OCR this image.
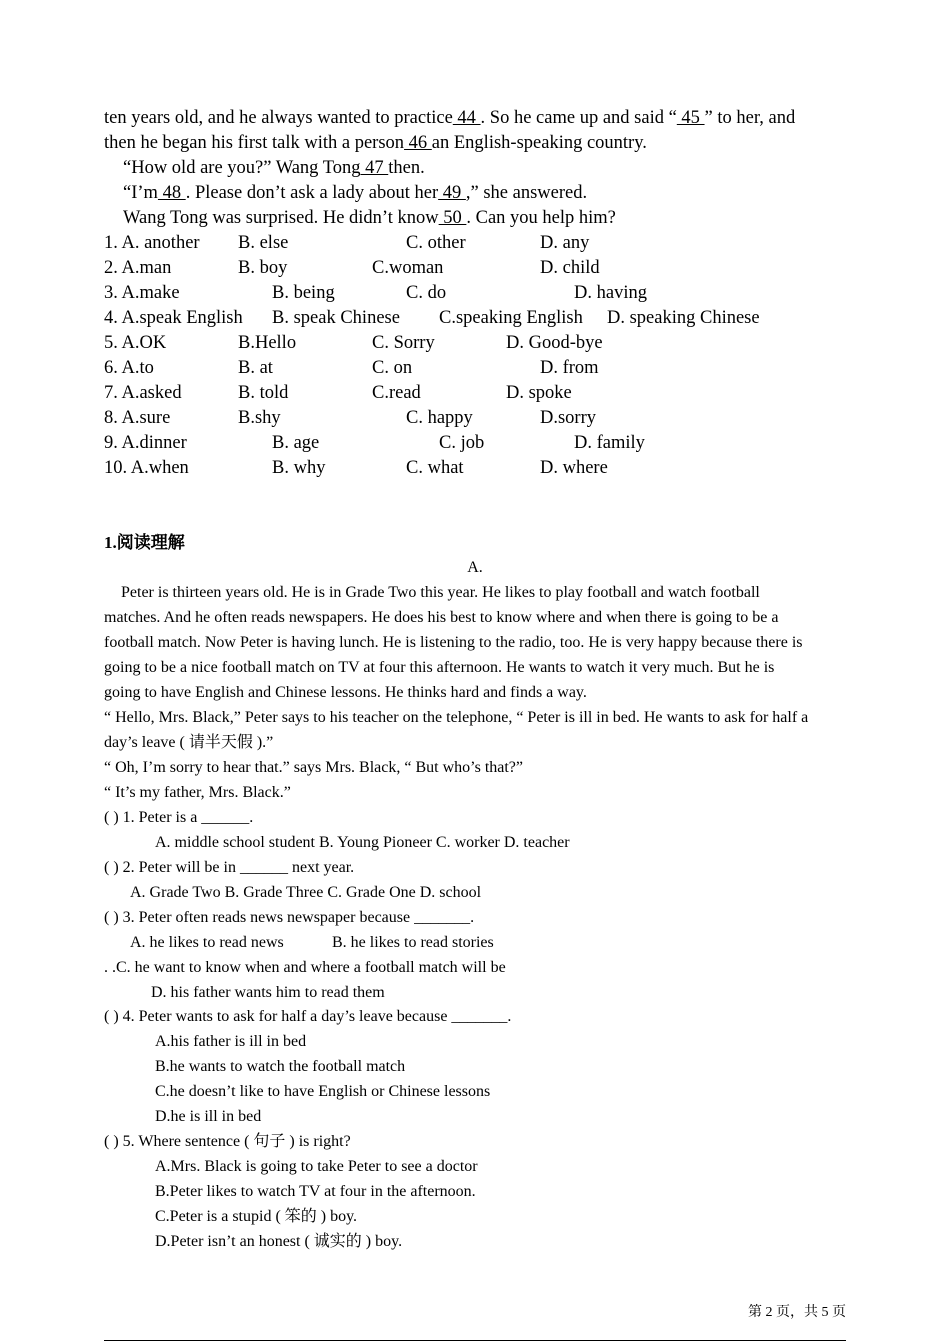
ten years old, and he always wanted to practice 44 . So he came up and said “ 45 ” to her, and
then he began his first talk with a person 46 an English-speaking country.
“How old are you?” Wang Tong 47 then.
“I’m 48 . Please don’t ask a lady about her 49 ,” she answered.
Wang Tong was surprised. He didn’t know 50 . Can you help him?
1. A. another B. else	C. other	D. any
2. A.man	B. boy	C.woman	D. child
3. A.make	B. being	C. do	D. having
4. A.speak English B. speak Chinese C.speaking English D. speaking Chinese
5. A.OK	B.Hello	C. Sorry	D. Good-bye
6. A.to	B. at	C. on	D. from
7. A.asked	B. told	C.read	D. spoke
8. A.sure	B.shy	C. happy	D.sorry
9. A.dinner	B. age	C. job	D. family
10. A.when	B. why	C. what	D. where
1.阅读理解
A.
Peter is thirteen years old. He is in Grade Two this year. He likes to play football and watch football
matches. And he often reads newspapers. He does his best to know where and when there is going to be a
football match. Now Peter is having lunch. He is listening to the radio, too. He is very happy because there is
going to be a nice football match on TV at four this afternoon. He wants to watch it very much. But he is
going to have English and Chinese lessons. He thinks hard and finds a way.
“ Hello, Mrs. Black,” Peter says to his teacher on the telephone, “ Peter is ill in bed. He wants to ask for half a
day’s leave ( 请半天假 ).”
“ Oh, I’m sorry to hear that.” says Mrs. Black, “ But who’s that?”
“ It’s my father, Mrs. Black.”
( ) 1. Peter is a ______.
A. middle school student B. Young Pioneer C. worker D. teacher
( ) 2. Peter will be in ______ next year.
A. Grade Two B. Grade Three C. Grade One D. school
( ) 3. Peter often reads news newspaper because _______.
A. he likes to read news	B. he likes to read stories
. .C. he want to know when and where a football match will be
D. his father wants him to read them
( ) 4. Peter wants to ask for half a day’s leave because _______.
A.his father is ill in bed
B.he wants to watch the football match
C.he doesn’t like to have English or Chinese lessons
D.he is ill in bed
( ) 5. Where sentence ( 句子 ) is right?
A.Mrs. Black is going to take Peter to see a doctor
B.Peter likes to watch TV at four in the afternoon.
C.Peter is a stupid ( 笨的 ) boy.
D.Peter isn’t an honest ( 诚实的 ) boy.
第 2 页，共 5 页
